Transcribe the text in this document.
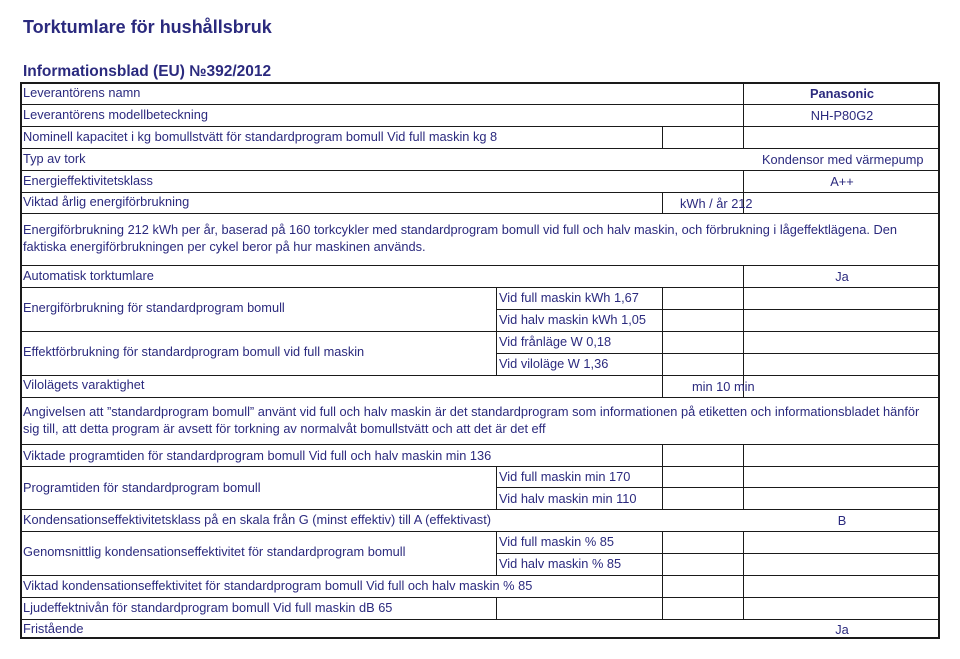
Torktumlare för hushållsbruk
Informationsblad (EU) №392/2012
Leverantörens namn	Panasonic
Leverantörens modellbeteckning	NH-P80G2
Nominell kapacitet i kg bomullstvätt för standardprogram bomull Vid full maskin kg 8
Typ av tork	Kondensor med värmepump
Energieffektivitetsklass	A++
Viktad årlig energiförbrukning	kWh / år 212
Energiförbrukning 212 kWh per år, baserad på 160 torkcykler med standardprogram bomull vid full och halv maskin, och förbrukning i lågeffektlägena. Den faktiska energiförbrukningen per cykel beror på hur maskinen används.
Automatisk torktumlare	Ja
Energiförbrukning för standardprogram bomull
Vid full maskin kWh 1,67
Vid halv maskin kWh 1,05
Effektförbrukning för standardprogram bomull vid full maskin
Vid frånläge W 0,18
Vid viloläge W 1,36
Vilolägets varaktighet	min 10 min
Angivelsen att ”standardprogram bomull” använt vid full och halv maskin är det standardprogram som informationen på etiketten och informationsbladet hänför sig till, att detta program är avsett för torkning av normalvåt bomullstvätt och att det är det eff
Viktade programtiden för standardprogram bomull Vid full och halv maskin min 136
Programtiden för standardprogram bomull
Vid full maskin min 170
Vid halv maskin min 110
Kondensationseffektivitetsklass på en skala från G (minst effektiv) till A (effektivast)	B
Genomsnittlig kondensationseffektivitet för standardprogram bomull
Vid full maskin % 85
Vid halv maskin % 85
Viktad kondensationseffektivitet för standardprogram bomull Vid full och halv maskin % 85
Ljudeffektnivån för standardprogram bomull Vid full maskin dB 65
Fristående	Ja
